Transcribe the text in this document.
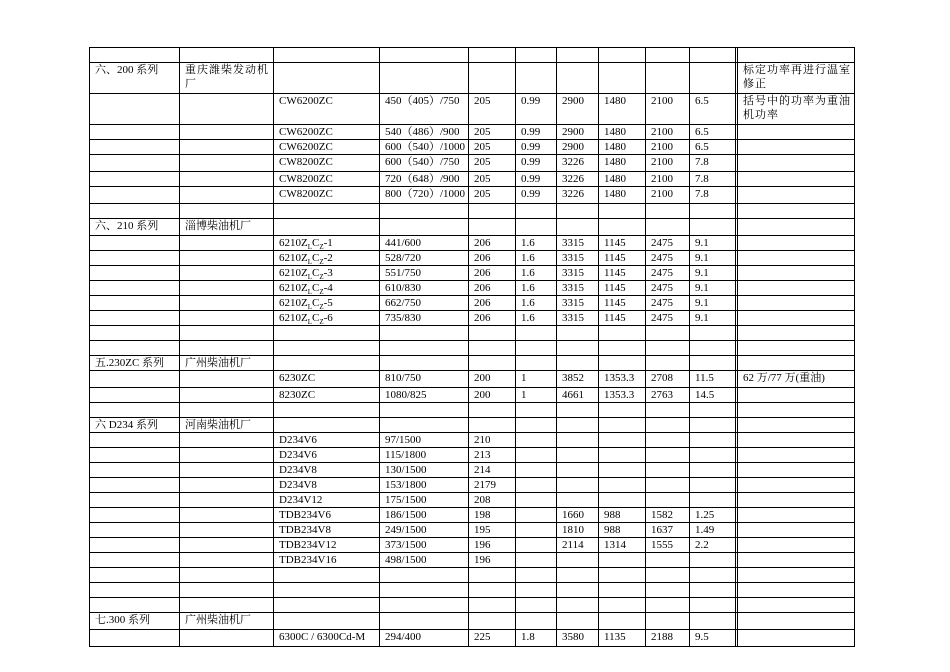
六、200 系列	重庆潍柴发动机厂										标定功率再进行温室修正
		CW6200ZC	450（405）/750	205	0.99	2900	1480	2100	6.5		括号中的功率为重油机功率
		CW6200ZC	540（486）/900	205	0.99	2900	1480	2100	6.5		
		CW6200ZC	600（540）/1000	205	0.99	2900	1480	2100	6.5		
		CW8200ZC	600（540）/750	205	0.99	3226	1480	2100	7.8		
		CW8200ZC	720（648）/900	205	0.99	3226	1480	2100	7.8		
		CW8200ZC	800（720）/1000	205	0.99	3226	1480	2100	7.8		

六、210 系列	淄博柴油机厂										
		$6210Z_LC_Z-1$	441/600	206	1.6	3315	1145	2475	9.1		
		$6210Z_LC_Z-2$	528/720	206	1.6	3315	1145	2475	9.1		
		$6210Z_LC_Z-3$	551/750	206	1.6	3315	1145	2475	9.1		
		$6210Z_LC_Z-4$	610/830	206	1.6	3315	1145	2475	9.1		
		$6210Z_LC_Z-5$	662/750	206	1.6	3315	1145	2475	9.1		
		$6210Z_LC_Z-6$	735/830	206	1.6	3315	1145	2475	9.1		

五.230ZC 系列	广州柴油机厂										
		6230ZC	810/750	200	1	3852	1353.3	2708	11.5		62 万/77 万(重油)
		8230ZC	1080/825	200	1	4661	1353.3	2763	14.5		

六 D234 系列	河南柴油机厂										
		D234V6	97/1500	210							
		D234V6	115/1800	213							
		D234V8	130/1500	214							
		D234V8	153/1800	2179							
		D234V12	175/1500	208							
		TDB234V6	186/1500	198		1660	988	1582	1.25		
		TDB234V8	249/1500	195		1810	988	1637	1.49		
		TDB234V12	373/1500	196		2114	1314	1555	2.2		
		TDB234V16	498/1500	196							

七.300 系列	广州柴油机厂										
		6300C / 6300Cd-M	294/400	225	1.8	3580	1135	2188	9.5		
